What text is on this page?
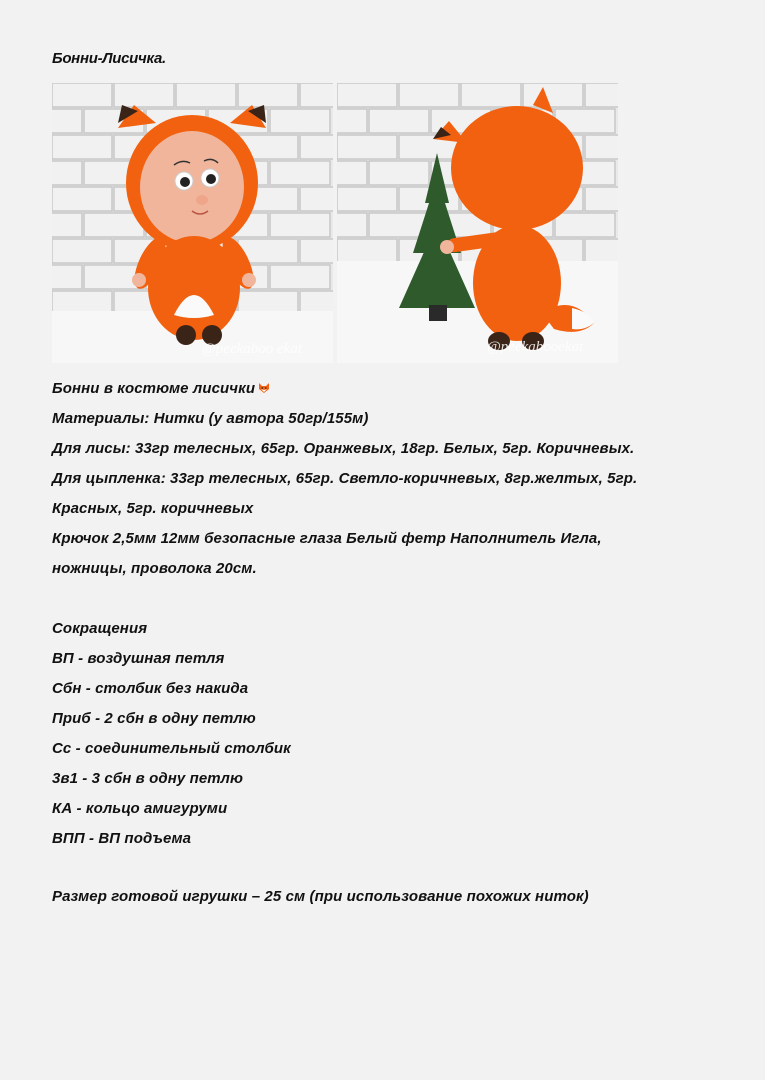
Бонни-Лисичка.
@peekaboo ekat	@peekabooekat
Бонни в костюме лисички
Материалы: Нитки (у автора 50гр/155м)
Для лисы: 33гр телесных, 65гр. Оранжевых, 18гр. Белых, 5гр. Коричневых.
Для цыпленка: 33гр телесных, 65гр. Светло-коричневых, 8гр.желтых, 5гр.
Красных, 5гр. коричневых
Крючок 2,5мм 12мм безопасные глаза Белый фетр Наполнитель Игла,
ножницы, проволока 20см.
Сокращения
ВП - воздушная петля
Сбн - столбик без накида
Приб - 2 сбн в одну петлю
Сс - соединительный столбик
3в1 - 3 сбн в одну петлю
КА - кольцо амигуруми
ВПП - ВП подъема
Размер готовой игрушки – 25 см (при использование похожих ниток)
